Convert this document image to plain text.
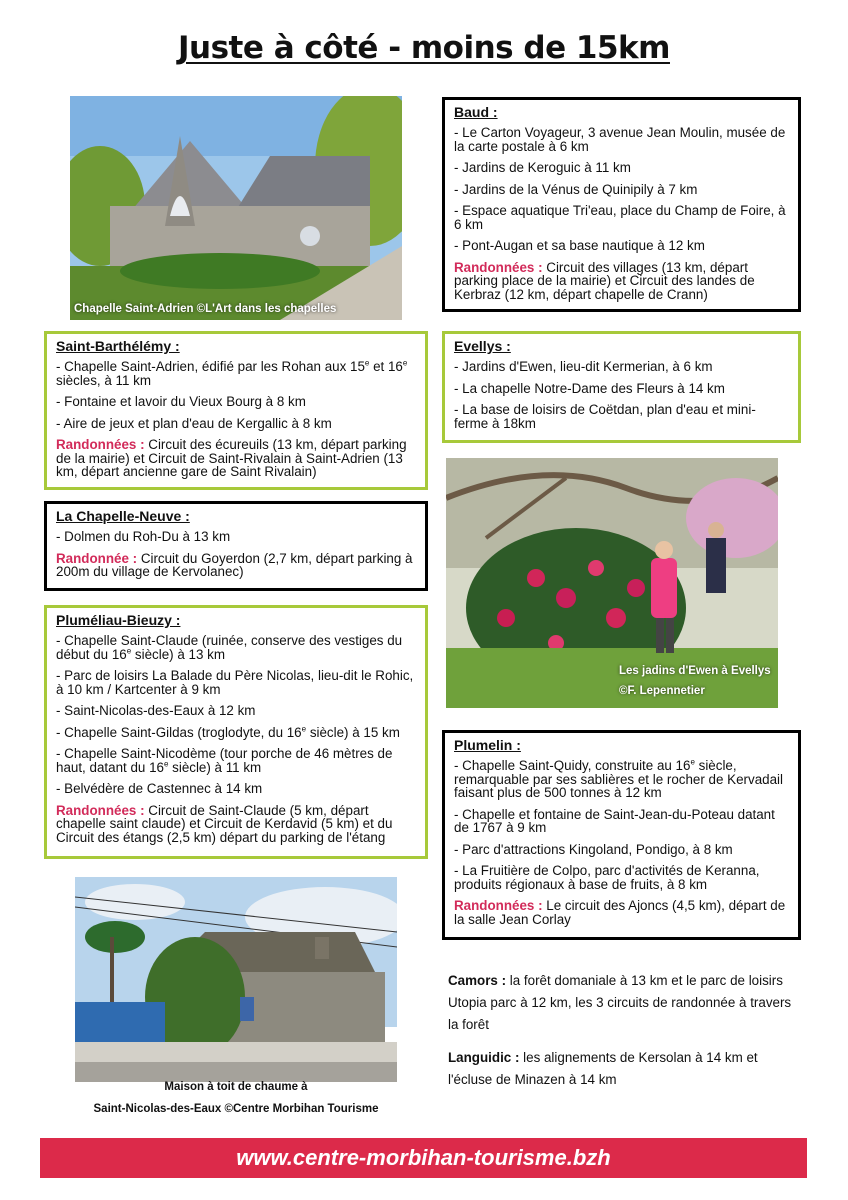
Juste à côté - moins de 15km
Chapelle Saint-Adrien ©L'Art dans les chapelles
Baud :
- Le Carton Voyageur, 3 avenue Jean Moulin, musée de la carte postale à 6 km
- Jardins de Keroguic à 11 km
- Jardins de la Vénus de Quinipily à 7 km
- Espace aquatique Tri'eau, place du Champ de Foire, à 6 km
- Pont-Augan et sa base nautique à 12 km
Randonnées : Circuit des villages (13 km, départ parking place de la mairie) et Circuit des landes de Kerbraz (12 km, départ chapelle de Crann)
Saint-Barthélémy :
- Chapelle Saint-Adrien, édifié par les Rohan aux 15e et 16e siècles, à 11 km
- Fontaine et lavoir du Vieux Bourg à 8 km
- Aire de jeux et plan d'eau de Kergallic à 8 km
Randonnées : Circuit des écureuils (13 km, départ parking de la mairie) et Circuit de Saint-Rivalain à Saint-Adrien (13 km, départ ancienne gare de Saint Rivalain)
Evellys :
- Jardins d'Ewen, lieu-dit Kermerian, à 6 km
- La chapelle Notre-Dame des Fleurs à 14 km
- La base de loisirs de Coëtdan, plan d'eau et mini-ferme à 18km
Les jadins d'Ewen à Evellys
©F. Lepennetier
La Chapelle-Neuve :
- Dolmen du Roh-Du à 13 km
Randonnée : Circuit du Goyerdon (2,7 km, départ parking à 200m du village de Kervolanec)
Pluméliau-Bieuzy :
- Chapelle Saint-Claude (ruinée, conserve des vestiges du début du 16e siècle) à 13 km
- Parc de loisirs La Balade du Père Nicolas, lieu-dit le Rohic, à 10 km / Kartcenter à 9 km
- Saint-Nicolas-des-Eaux à 12 km
- Chapelle Saint-Gildas (troglodyte, du 16e siècle) à 15 km
- Chapelle Saint-Nicodème (tour porche de 46 mètres de haut, datant du 16e siècle) à 11 km
- Belvédère de Castennec à 14 km
Randonnées : Circuit de Saint-Claude (5 km, départ chapelle saint claude) et Circuit de Kerdavid (5 km) et du Circuit des étangs (2,5 km) départ du parking de l'étang
Plumelin :
- Chapelle Saint-Quidy, construite au 16e siècle, remarquable par ses sablières et le rocher de Kervadail faisant plus de 500 tonnes à 12 km
- Chapelle et fontaine de Saint-Jean-du-Poteau datant de 1767 à 9 km
- Parc d'attractions Kingoland, Pondigo, à 8 km
- La Fruitière de Colpo, parc d'activités de Keranna, produits régionaux à base de fruits, à 8 km
Randonnées : Le circuit des Ajoncs (4,5 km), départ de la salle Jean Corlay
Maison à toit de chaume à
Saint-Nicolas-des-Eaux ©Centre Morbihan Tourisme
Camors : la forêt domaniale à 13 km et le parc de loisirs Utopia parc à 12 km, les 3 circuits de randonnée à travers la forêt
Languidic : les alignements de Kersolan à 14 km et l'écluse de Minazen à 14 km
www.centre-morbihan-tourisme.bzh
